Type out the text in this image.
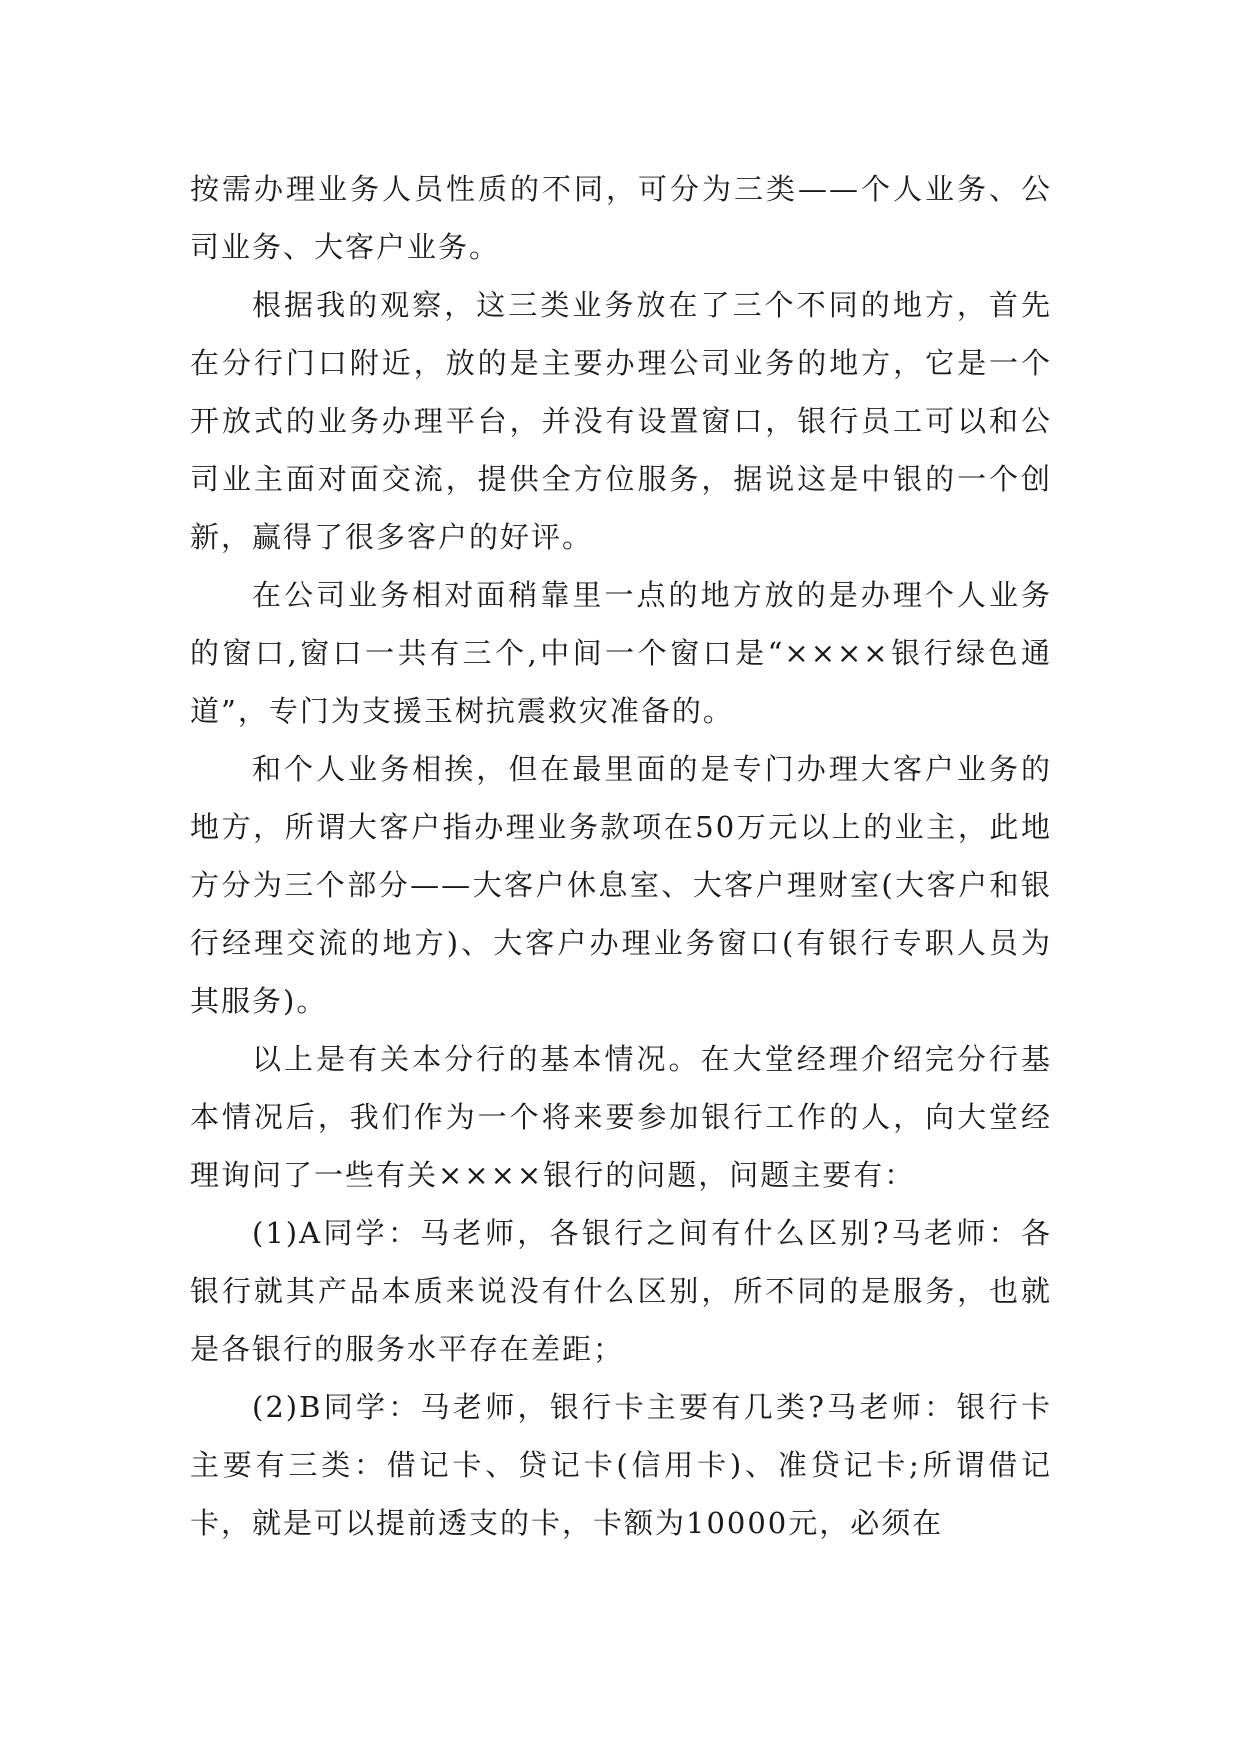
按需办理业务人员性质的不同，可分为三类——个人业务、公司业务、大客户业务。

根据我的观察，这三类业务放在了三个不同的地方，首先在分行门口附近，放的是主要办理公司业务的地方，它是一个开放式的业务办理平台，并没有设置窗口，银行员工可以和公司业主面对面交流，提供全方位服务，据说这是中银的一个创新，赢得了很多客户的好评。

在公司业务相对面稍靠里一点的地方放的是办理个人业务的窗口,窗口一共有三个,中间一个窗口是“××××银行绿色通道”，专门为支援玉树抗震救灾准备的。

和个人业务相挨，但在最里面的是专门办理大客户业务的地方，所谓大客户指办理业务款项在50万元以上的业主，此地方分为三个部分——大客户休息室、大客户理财室(大客户和银行经理交流的地方)、大客户办理业务窗口(有银行专职人员为其服务)。

以上是有关本分行的基本情况。在大堂经理介绍完分行基本情况后，我们作为一个将来要参加银行工作的人，向大堂经理询问了一些有关××××银行的问题，问题主要有：

(1)A同学：马老师，各银行之间有什么区别?马老师：各银行就其产品本质来说没有什么区别，所不同的是服务，也就是各银行的服务水平存在差距；

(2)B同学：马老师，银行卡主要有几类?马老师：银行卡主要有三类：借记卡、贷记卡(信用卡)、准贷记卡;所谓借记卡，就是可以提前透支的卡，卡额为10000元，必须在
